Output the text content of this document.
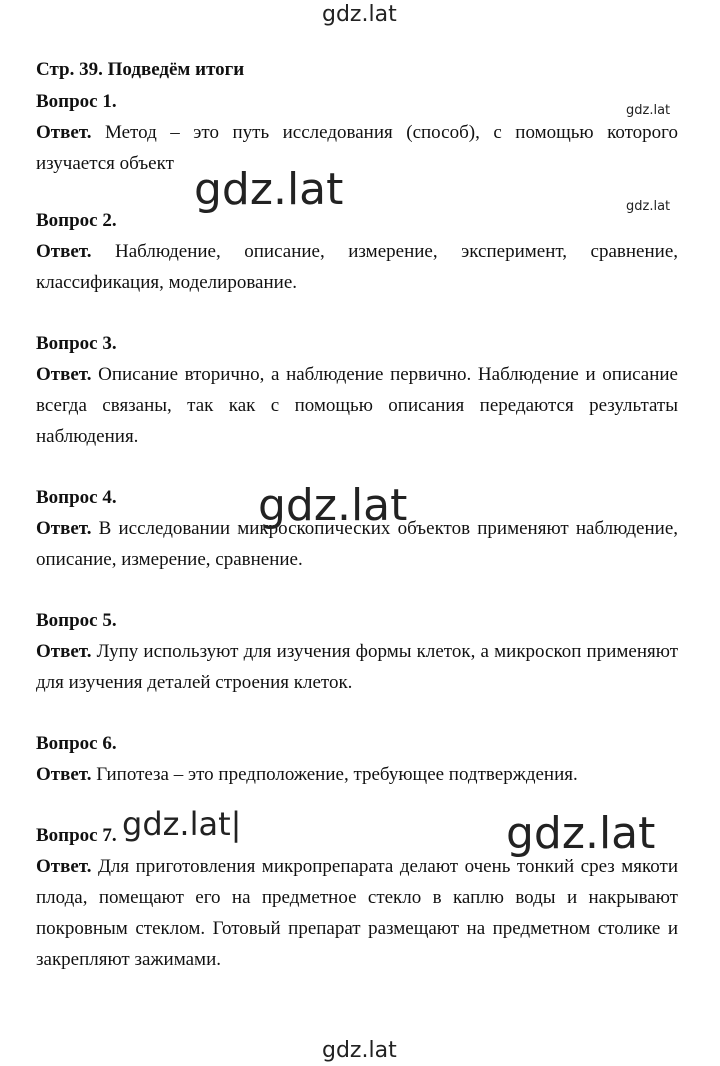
Стр. 39. Подведём итоги

Вопрос 1.

Ответ. Метод – это путь исследования (способ), с помощью которого изучается объект

Вопрос 2.

Ответ. Наблюдение, описание, измерение, эксперимент, сравнение, классификация, моделирование.

Вопрос 3.

Ответ. Описание вторично, а наблюдение первично. Наблюдение и описание всегда связаны, так как с помощью описания передаются результаты наблюдения.

Вопрос 4.

Ответ. В исследовании микроскопических объектов применяют наблюдение, описание, измерение, сравнение.

Вопрос 5.

Ответ. Лупу используют для изучения формы клеток, а микроскоп применяют для изучения деталей строения клеток.

Вопрос 6.

Ответ. Гипотеза – это предположение, требующее подтверждения.

Вопрос 7.

Ответ. Для приготовления микропрепарата делают очень тонкий срез мякоти плода, помещают его на предметное стекло в каплю воды и накрывают покровным стеклом. Готовый препарат размещают на предметном столике и закрепляют зажимами.

gdz.lat
gdz.lat
gdz.lat
gdz.lat
gdz.lat
gdz.lat|	gdz.lat
gdz.lat
